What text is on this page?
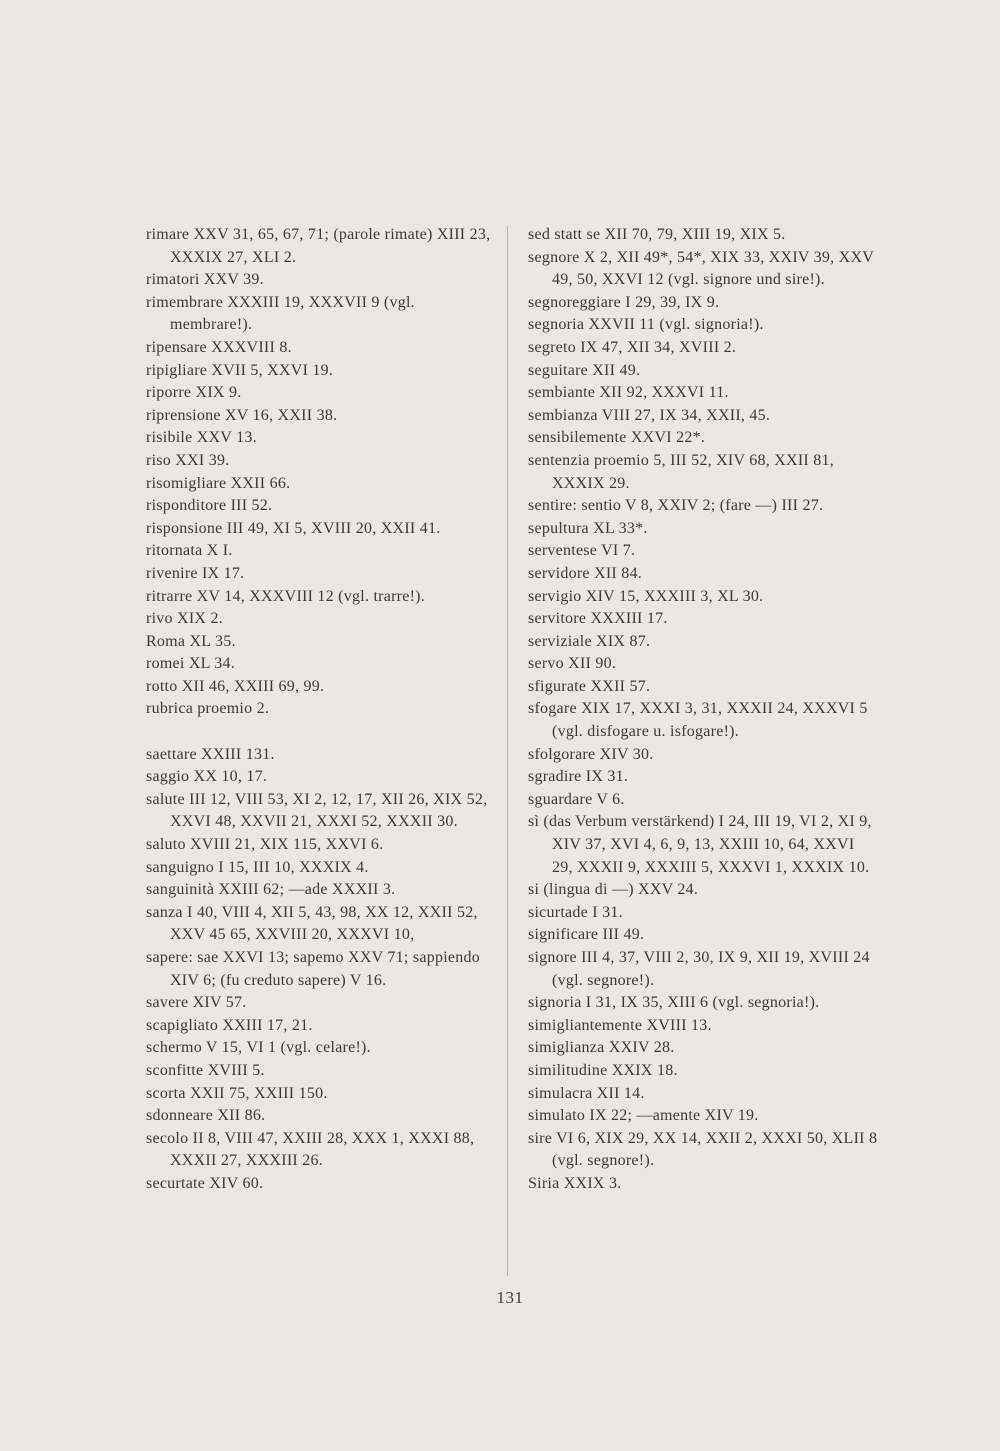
rimare XXV 31, 65, 67, 71; (parole rimate) XIII 23, XXXIX 27, XLI 2.

rimatori XXV 39.

rimembrare XXXIII 19, XXXVII 9 (vgl. membrare!).

ripensare XXXVIII 8.

ripigliare XVII 5, XXVI 19.

riporre XIX 9.

riprensione XV 16, XXII 38.

risibile XXV 13.

riso XXI 39.

risomigliare XXII 66.

risponditore III 52.

risponsione III 49, XI 5, XVIII 20, XXII 41.

ritornata X I.

rivenire IX 17.

ritrarre XV 14, XXXVIII 12 (vgl. trarre!).

rivo XIX 2.

Roma XL 35.

romei XL 34.

rotto XII 46, XXIII 69, 99.

rubrica proemio 2.

saettare XXIII 131.

saggio XX 10, 17.

salute III 12, VIII 53, XI 2, 12, 17, XII 26, XIX 52, XXVI 48, XXVII 21, XXXI 52, XXXII 30.

saluto XVIII 21, XIX 115, XXVI 6.

sanguigno I 15, III 10, XXXIX 4.

sanguinità XXIII 62; —ade XXXII 3.

sanza I 40, VIII 4, XII 5, 43, 98, XX 12, XXII 52, XXV 45 65, XXVIII 20, XXXVI 10,

sapere: sae XXVI 13; sapemo XXV 71; sappiendo XIV 6; (fu creduto sapere) V 16.

savere XIV 57.

scapigliato XXIII 17, 21.

schermo V 15, VI 1 (vgl. celare!).

sconfitte XVIII 5.

scorta XXII 75, XXIII 150.

sdonneare XII 86.

secolo II 8, VIII 47, XXIII 28, XXX 1, XXXI 88, XXXII 27, XXXIII 26.

securtate XIV 60.

sed statt se XII 70, 79, XIII 19, XIX 5.

segnore X 2, XII 49*, 54*, XIX 33, XXIV 39, XXV 49, 50, XXVI 12 (vgl. signore und sire!).

segnoreggiare I 29, 39, IX 9.

segnoria XXVII 11 (vgl. signoria!).

segreto IX 47, XII 34, XVIII 2.

seguitare XII 49.

sembiante XII 92, XXXVI 11.

sembianza VIII 27, IX 34, XXII, 45.

sensibilemente XXVI 22*.

sentenzia proemio 5, III 52, XIV 68, XXII 81, XXXIX 29.

sentire: sentio V 8, XXIV 2; (fare —) III 27.

sepultura XL 33*.

serventese VI 7.

servidore XII 84.

servigio XIV 15, XXXIII 3, XL 30.

servitore XXXIII 17.

serviziale XIX 87.

servo XII 90.

sfigurate XXII 57.

sfogare XIX 17, XXXI 3, 31, XXXII 24, XXXVI 5 (vgl. disfogare u. isfogare!).

sfolgorare XIV 30.

sgradire IX 31.

sguardare V 6.

sì (das Verbum verstärkend) I 24, III 19, VI 2, XI 9, XIV 37, XVI 4, 6, 9, 13, XXIII 10, 64, XXVI 29, XXXII 9, XXXIII 5, XXXVI 1, XXXIX 10.

si (lingua di —) XXV 24.

sicurtade I 31.

significare III 49.

signore III 4, 37, VIII 2, 30, IX 9, XII 19, XVIII 24 (vgl. segnore!).

signoria I 31, IX 35, XIII 6 (vgl. segnoria!).

simigliantemente XVIII 13.

simiglianza XXIV 28.

similitudine XXIX 18.

simulacra XII 14.

simulato IX 22; —amente XIV 19.

sire VI 6, XIX 29, XX 14, XXII 2, XXXI 50, XLII 8 (vgl. segnore!).

Siria XXIX 3.

131
